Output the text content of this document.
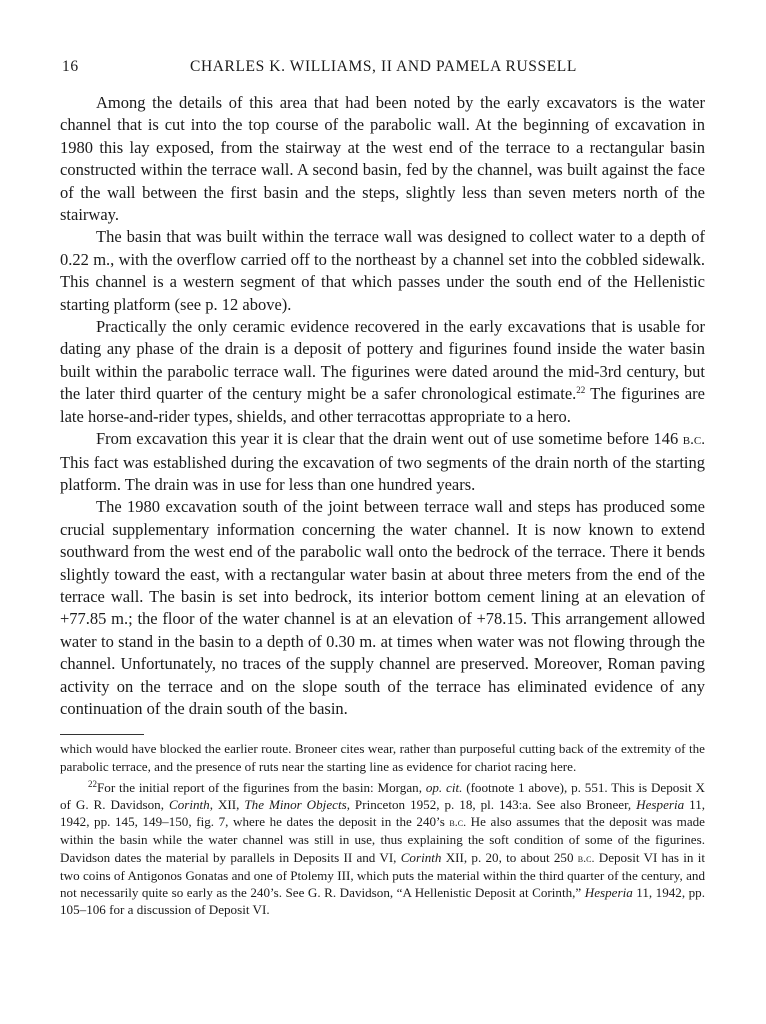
16	CHARLES K. WILLIAMS, II AND PAMELA RUSSELL

Among the details of this area that had been noted by the early excavators is the water channel that is cut into the top course of the parabolic wall. At the beginning of excavation in 1980 this lay exposed, from the stairway at the west end of the terrace to a rectangular basin constructed within the terrace wall. A second basin, fed by the channel, was built against the face of the wall between the first basin and the steps, slightly less than seven meters north of the stairway.

The basin that was built within the terrace wall was designed to collect water to a depth of 0.22 m., with the overflow carried off to the northeast by a channel set into the cobbled sidewalk. This channel is a western segment of that which passes under the south end of the Hellenistic starting platform (see p. 12 above).

Practically the only ceramic evidence recovered in the early excavations that is usable for dating any phase of the drain is a deposit of pottery and figurines found inside the water basin built within the parabolic terrace wall. The figurines were dated around the mid-3rd century, but the later third quarter of the century might be a safer chronological estimate.$^{22}$ The figurines are late horse-and-rider types, shields, and other terracottas appropriate to a hero.

From excavation this year it is clear that the drain went out of use sometime before 146 b.c. This fact was established during the excavation of two segments of the drain north of the starting platform. The drain was in use for less than one hundred years.

The 1980 excavation south of the joint between terrace wall and steps has produced some crucial supplementary information concerning the water channel. It is now known to extend southward from the west end of the parabolic wall onto the bedrock of the terrace. There it bends slightly toward the east, with a rectangular water basin at about three meters from the end of the terrace wall. The basin is set into bedrock, its interior bottom cement lining at an elevation of +77.85 m.; the floor of the water channel is at an elevation of +78.15. This arrangement allowed water to stand in the basin to a depth of 0.30 m. at times when water was not flowing through the channel. Unfortunately, no traces of the supply channel are preserved. Moreover, Roman paving activity on the terrace and on the slope south of the terrace has eliminated evidence of any continuation of the drain south of the basin.

which would have blocked the earlier route. Broneer cites wear, rather than purposeful cutting back of the extremity of the parabolic terrace, and the presence of ruts near the starting line as evidence for chariot racing here.

$^{22}$For the initial report of the figurines from the basin: Morgan, op. cit. (footnote 1 above), p. 551. This is Deposit X of G. R. Davidson, Corinth, XII, The Minor Objects, Princeton 1952, p. 18, pl. 143:a. See also Broneer, Hesperia 11, 1942, pp. 145, 149–150, fig. 7, where he dates the deposit in the 240’s b.c. He also assumes that the deposit was made within the basin while the water channel was still in use, thus explaining the soft condition of some of the figurines. Davidson dates the material by parallels in Deposits II and VI, Corinth XII, p. 20, to about 250 b.c. Deposit VI has in it two coins of Antigonos Gonatas and one of Ptolemy III, which puts the material within the third quarter of the century, and not necessarily quite so early as the 240’s. See G. R. Davidson, “A Hellenistic Deposit at Corinth,” Hesperia 11, 1942, pp. 105–106 for a discussion of Deposit VI.
